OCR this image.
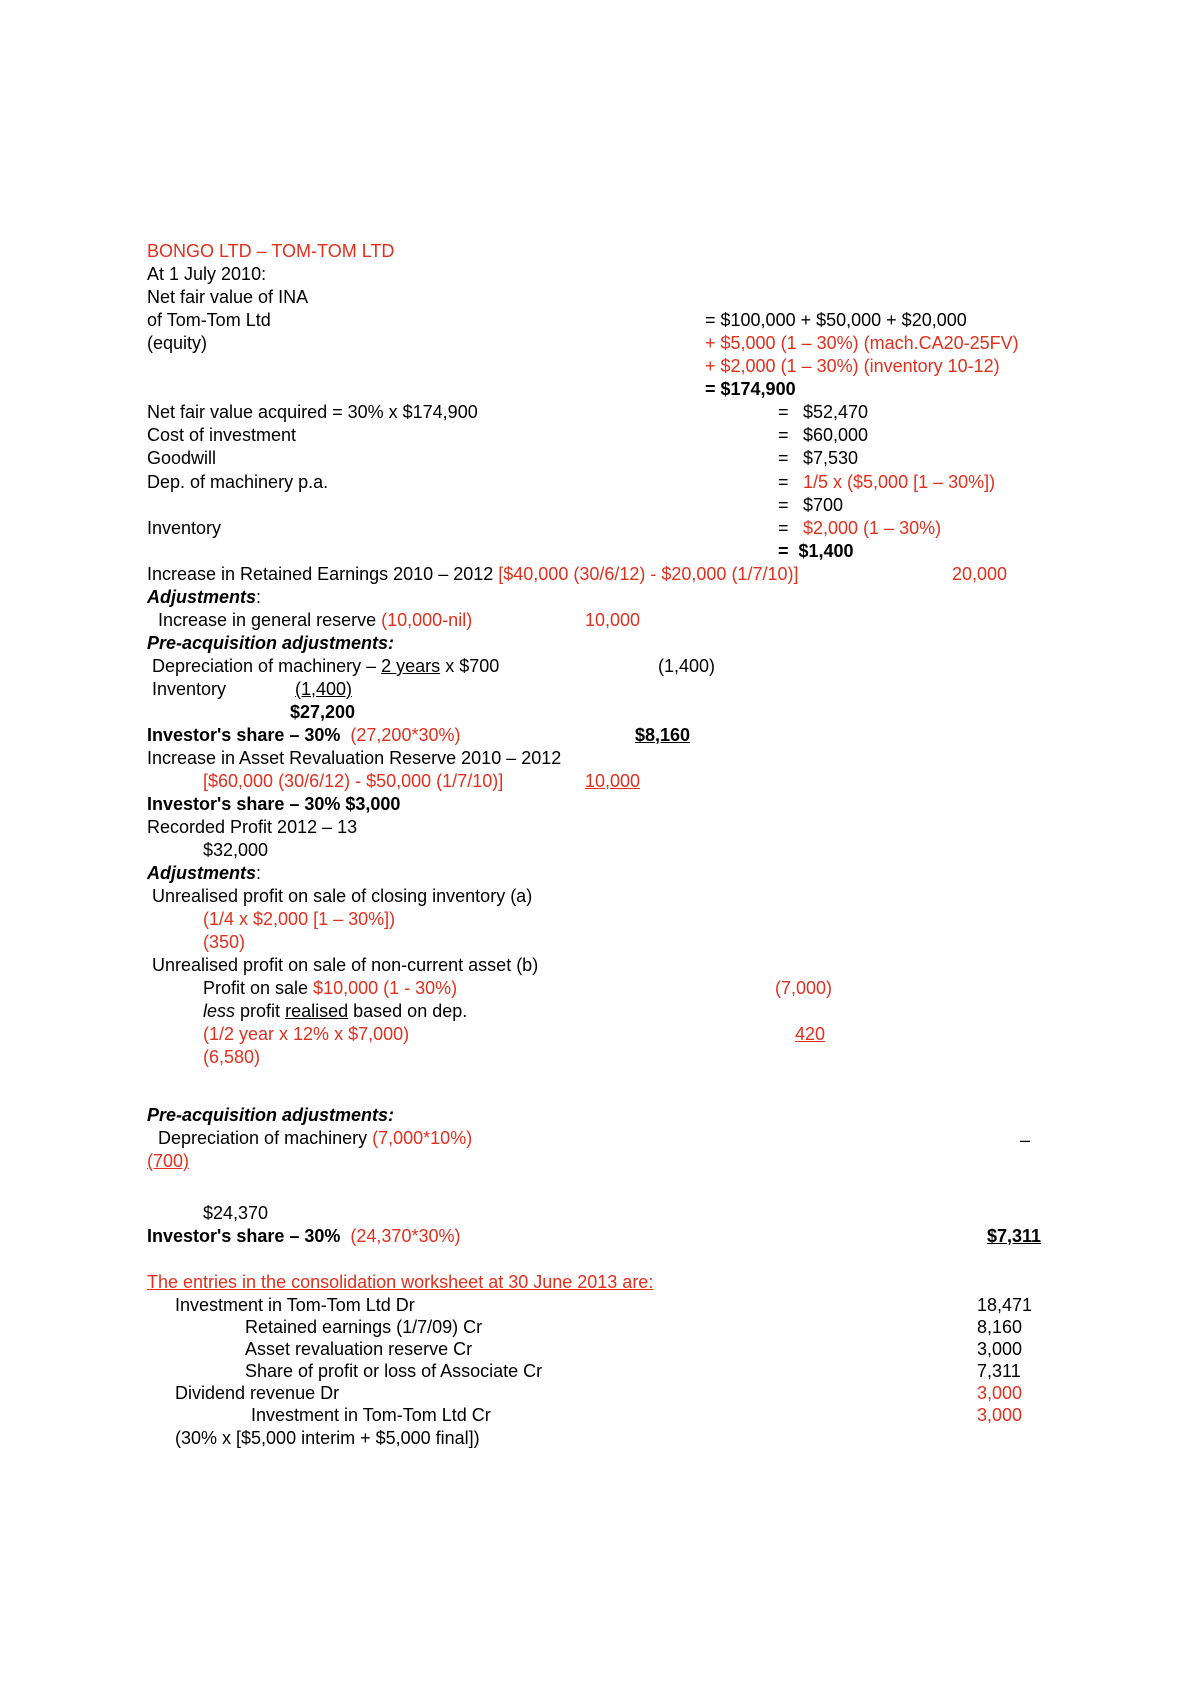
BONGO LTD – TOM-TOM LTD

At 1 July 2010:

Net fair value of INA

of Tom-Tom Ltd	= $100,000 + $50,000 + $20,000

(equity)	+ $5,000 (1 – 30%) (mach.CA20-25FV)

+ $2,000 (1 – 30%) (inventory 10-12)

= $174,900

Net fair value acquired = 30% x $174,900	= $52,470

Cost of investment	= $60,000

Goodwill	= $7,530

Dep. of machinery p.a.	= 1/5 x ($5,000 [1 – 30%])

= $700

Inventory	= $2,000 (1 – 30%)

=  $1,400

Increase in Retained Earnings 2010 – 2012 [$40,000 (30/6/12) - $20,000 (1/7/10)]	20,000

Adjustments:

Increase in general reserve (10,000-nil)	10,000

Pre-acquisition adjustments:

Depreciation of machinery – 2 years x $700	(1,400)

Inventory	(1,400)

$27,200

Investor's share – 30% (27,200*30%)	$8,160

Increase in Asset Revaluation Reserve 2010 – 2012

[$60,000 (30/6/12) - $50,000 (1/7/10)]	10,000

Investor's share – 30% $3,000

Recorded Profit 2012 – 13

$32,000

Adjustments:

Unrealised profit on sale of closing inventory (a)

(1/4 x $2,000 [1 – 30%])

(350)

Unrealised profit on sale of non-current asset (b)

Profit on sale $10,000 (1 - 30%)	(7,000)

less profit realised based on dep.

(1/2 year x 12% x $7,000)	420

(6,580)

Pre-acquisition adjustments:

Depreciation of machinery (7,000*10%)	–

(700)

$24,370

Investor's share – 30% (24,370*30%)	$7,311

The entries in the consolidation worksheet at 30 June 2013 are:

Investment in Tom-Tom Ltd Dr	18,471

Retained earnings (1/7/09) Cr	8,160

Asset revaluation reserve Cr	3,000

Share of profit or loss of Associate Cr	7,311

Dividend revenue Dr	3,000

Investment in Tom-Tom Ltd Cr	3,000

(30% x [$5,000 interim + $5,000 final])
